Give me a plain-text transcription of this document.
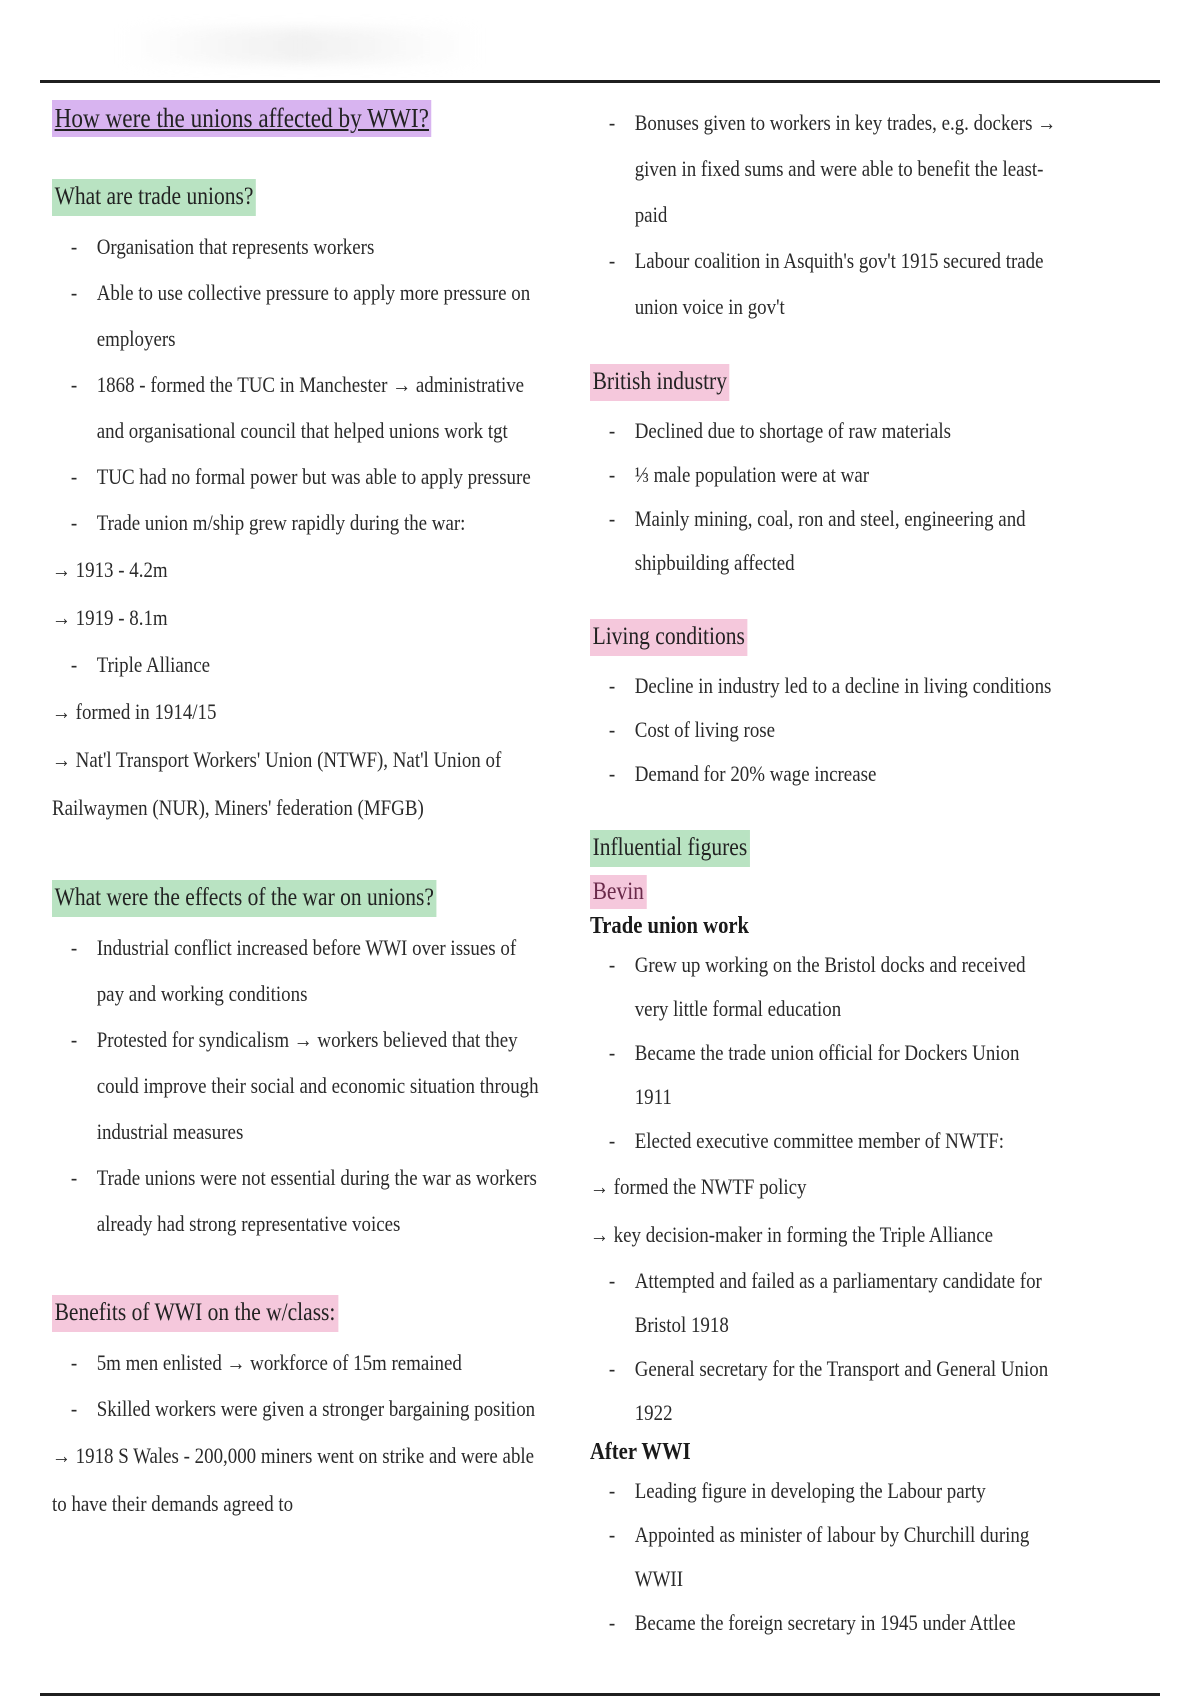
How were the unions affected by WWI?
What are trade unions?
- Organisation that represents workers
- Able to use collective pressure to apply more pressure on employers
- 1868 - formed the TUC in Manchester → administrative and organisational council that helped unions work tgt
- TUC had no formal power but was able to apply pressure
- Trade union m/ship grew rapidly during the war:

→ 1913 - 4.2m

→ 1919 - 8.1m

- Triple Alliance

→ formed in 1914/15

→ Nat'l Transport Workers' Union (NTWF), Nat'l Union of Railwaymen (NUR), Miners' federation (MFGB)

What were the effects of the war on unions?
- Industrial conflict increased before WWI over issues of pay and working conditions
- Protested for syndicalism → workers believed that they could improve their social and economic situation through industrial measures
- Trade unions were not essential during the war as workers already had strong representative voices
Benefits of WWI on the w/class:
- 5m men enlisted → workforce of 15m remained
- Skilled workers were given a stronger bargaining position

→ 1918 S Wales - 200,000 miners went on strike and were able to have their demands agreed to

- Bonuses given to workers in key trades, e.g. dockers → given in fixed sums and were able to benefit the least-paid
- Labour coalition in Asquith's gov't 1915 secured trade union voice in gov't
British industry
- Declined due to shortage of raw materials
- ⅓ male population were at war
- Mainly mining, coal, ron and steel, engineering and shipbuilding affected
Living conditions
- Decline in industry led to a decline in living conditions
- Cost of living rose
- Demand for 20% wage increase
Influential figures
Bevin
Trade union work
- Grew up working on the Bristol docks and received very little formal education
- Became the trade union official for Dockers Union 1911
- Elected executive committee member of NWTF:

→ formed the NWTF policy

→ key decision-maker in forming the Triple Alliance

- Attempted and failed as a parliamentary candidate for Bristol 1918
- General secretary for the Transport and General Union 1922
After WWI
- Leading figure in developing the Labour party
- Appointed as minister of labour by Churchill during WWII
- Became the foreign secretary in 1945 under Attlee
